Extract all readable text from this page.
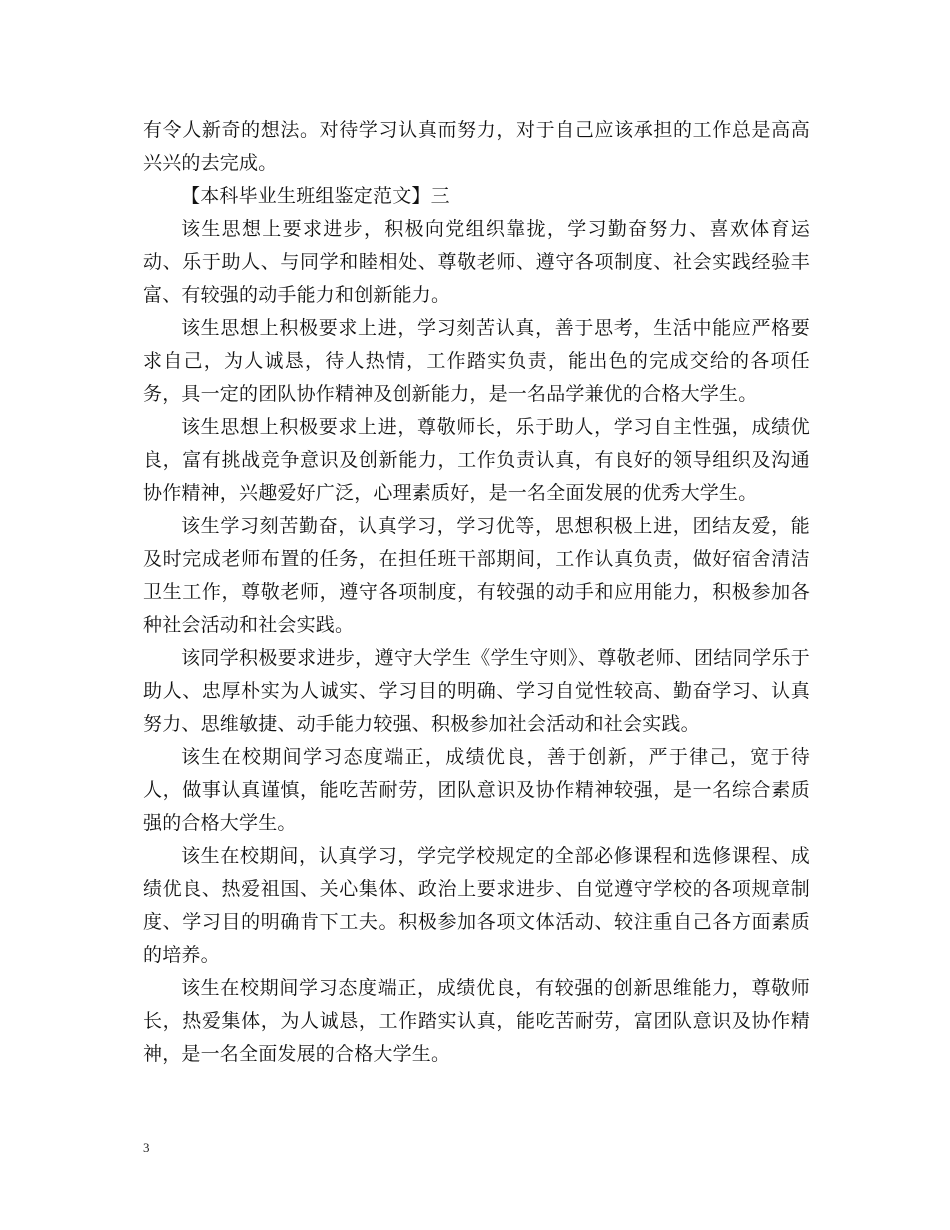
有令人新奇的想法。对待学习认真而努力，对于自己应该承担的工作总是高高兴兴的去完成。

【本科毕业生班组鉴定范文】三

该生思想上要求进步，积极向党组织靠拢，学习勤奋努力、喜欢体育运动、乐于助人、与同学和睦相处、尊敬老师、遵守各项制度、社会实践经验丰富、有较强的动手能力和创新能力。

该生思想上积极要求上进，学习刻苦认真，善于思考，生活中能应严格要求自己，为人诚恳，待人热情，工作踏实负责，能出色的完成交给的各项任务，具一定的团队协作精神及创新能力，是一名品学兼优的合格大学生。

该生思想上积极要求上进，尊敬师长，乐于助人，学习自主性强，成绩优良，富有挑战竞争意识及创新能力，工作负责认真，有良好的领导组织及沟通协作精神，兴趣爱好广泛，心理素质好，是一名全面发展的优秀大学生。

该生学习刻苦勤奋，认真学习，学习优等，思想积极上进，团结友爱，能及时完成老师布置的任务，在担任班干部期间，工作认真负责，做好宿舍清洁卫生工作，尊敬老师，遵守各项制度，有较强的动手和应用能力，积极参加各种社会活动和社会实践。

该同学积极要求进步，遵守大学生《学生守则》、尊敬老师、团结同学乐于助人、忠厚朴实为人诚实、学习目的明确、学习自觉性较高、勤奋学习、认真努力、思维敏捷、动手能力较强、积极参加社会活动和社会实践。

该生在校期间学习态度端正，成绩优良，善于创新，严于律己，宽于待人，做事认真谨慎，能吃苦耐劳，团队意识及协作精神较强，是一名综合素质强的合格大学生。

该生在校期间，认真学习，学完学校规定的全部必修课程和选修课程、成绩优良、热爱祖国、关心集体、政治上要求进步、自觉遵守学校的各项规章制度、学习目的明确肯下工夫。积极参加各项文体活动、较注重自己各方面素质的培养。

该生在校期间学习态度端正，成绩优良，有较强的创新思维能力，尊敬师长，热爱集体，为人诚恳，工作踏实认真，能吃苦耐劳，富团队意识及协作精神，是一名全面发展的合格大学生。

3
